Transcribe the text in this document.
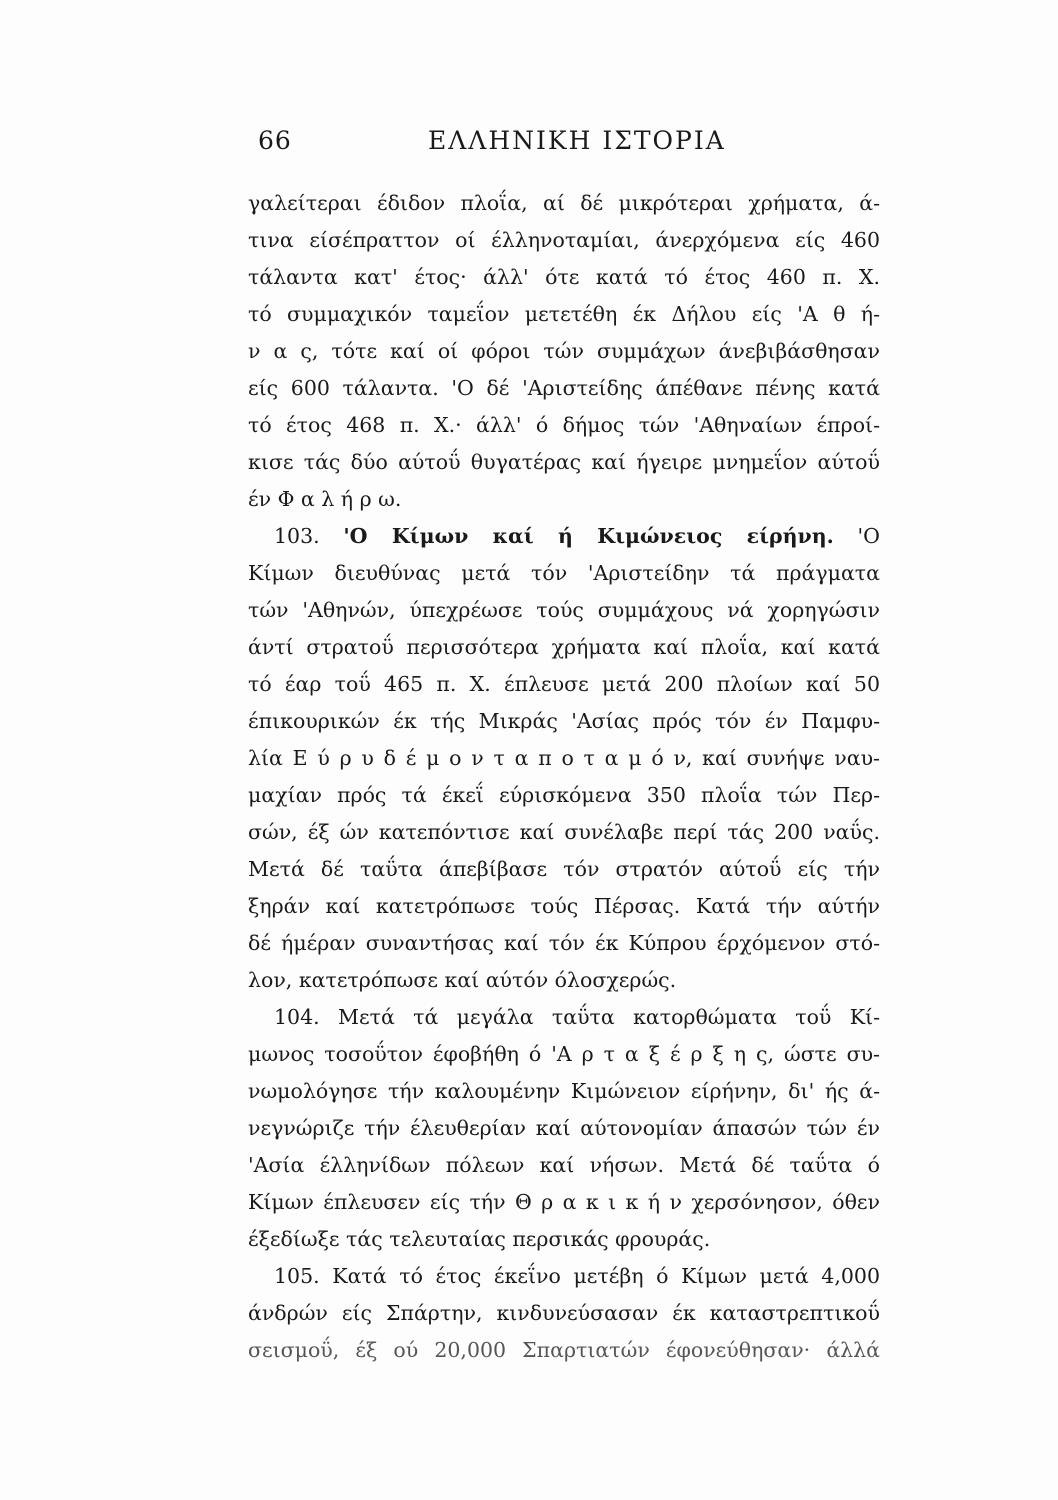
66	ΕΛΛΗΝΙΚΗ ΙΣΤΟΡΙΑ
γαλείτεραι έδιδον πλοΐα, αί δέ μικρότεραι χρήματα, ά-
τινα είσέπραττον οί έλληνοταμίαι, άνερχόμενα είς 460
τάλαντα κατ' έτος· άλλ' ότε κατά τό έτος 460 π. Χ.
τό συμμαχικόν ταμεΐον μετετέθη έκ Δήλου είς 'Α θ ή-
ν α ς, τότε καί οί φόροι τών συμμάχων άνεβιβάσθησαν
είς 600 τάλαντα. 'Ο δέ 'Αριστείδης άπέθανε πένης κατά
τό έτος 468 π. Χ.· άλλ' ό δήμος τών 'Αθηναίων έπροί-
κισε τάς δύο αύτοΰ θυγατέρας καί ήγειρε μνημεΐον αύτοΰ
έν Φ α λ ή ρ ω.
103. 'Ο Κίμων καί ή Κιμώνειος είρήνη. 'Ο
Κίμων διευθύνας μετά τόν 'Αριστείδην τά πράγματα
τών 'Αθηνών, ύπεχρέωσε τούς συμμάχους νά χορηγώσιν
άντί στρατοΰ περισσότερα χρήματα καί πλοΐα, καί κατά
τό έαρ τοΰ 465 π. Χ. έπλευσε μετά 200 πλοίων καί 50
έπικουρικών έκ τής Μικράς 'Ασίας πρός τόν έν Παμφυ-
λία Ε ύ ρ υ δ έ μ ο ν τ α π ο τ α μ ό ν, καί συνήψε ναυ-
μαχίαν πρός τά έκεΐ εύρισκόμενα 350 πλοΐα τών Περ-
σών, έξ ών κατεπόντισε καί συνέλαβε περί τάς 200 ναΰς.
Μετά δέ ταΰτα άπεβίβασε τόν στρατόν αύτοΰ είς τήν
ξηράν καί κατετρόπωσε τούς Πέρσας. Κατά τήν αύτήν
δέ ήμέραν συναντήσας καί τόν έκ Κύπρου έρχόμενον στό-
λον, κατετρόπωσε καί αύτόν όλοσχερώς.
104. Μετά τά μεγάλα ταΰτα κατορθώματα τοΰ Κί-
μωνος τοσοΰτον έφοβήθη ό 'Α ρ τ α ξ έ ρ ξ η ς, ώστε συ-
νωμολόγησε τήν καλουμένην Κιμώνειον είρήνην, δι' ής ά-
νεγνώριζε τήν έλευθερίαν καί αύτονομίαν άπασών τών έν
'Ασία έλληνίδων πόλεων καί νήσων. Μετά δέ ταΰτα ό
Κίμων έπλευσεν είς τήν Θ ρ α κ ι κ ή ν χερσόνησον, όθεν
έξεδίωξε τάς τελευταίας περσικάς φρουράς.
105. Κατά τό έτος έκεΐνο μετέβη ό Κίμων μετά 4,000
άνδρών είς Σπάρτην, κινδυνεύσασαν έκ καταστρεπτικοΰ
σεισμοΰ, έξ ού 20,000 Σπαρτιατών έφονεύθησαν· άλλά
